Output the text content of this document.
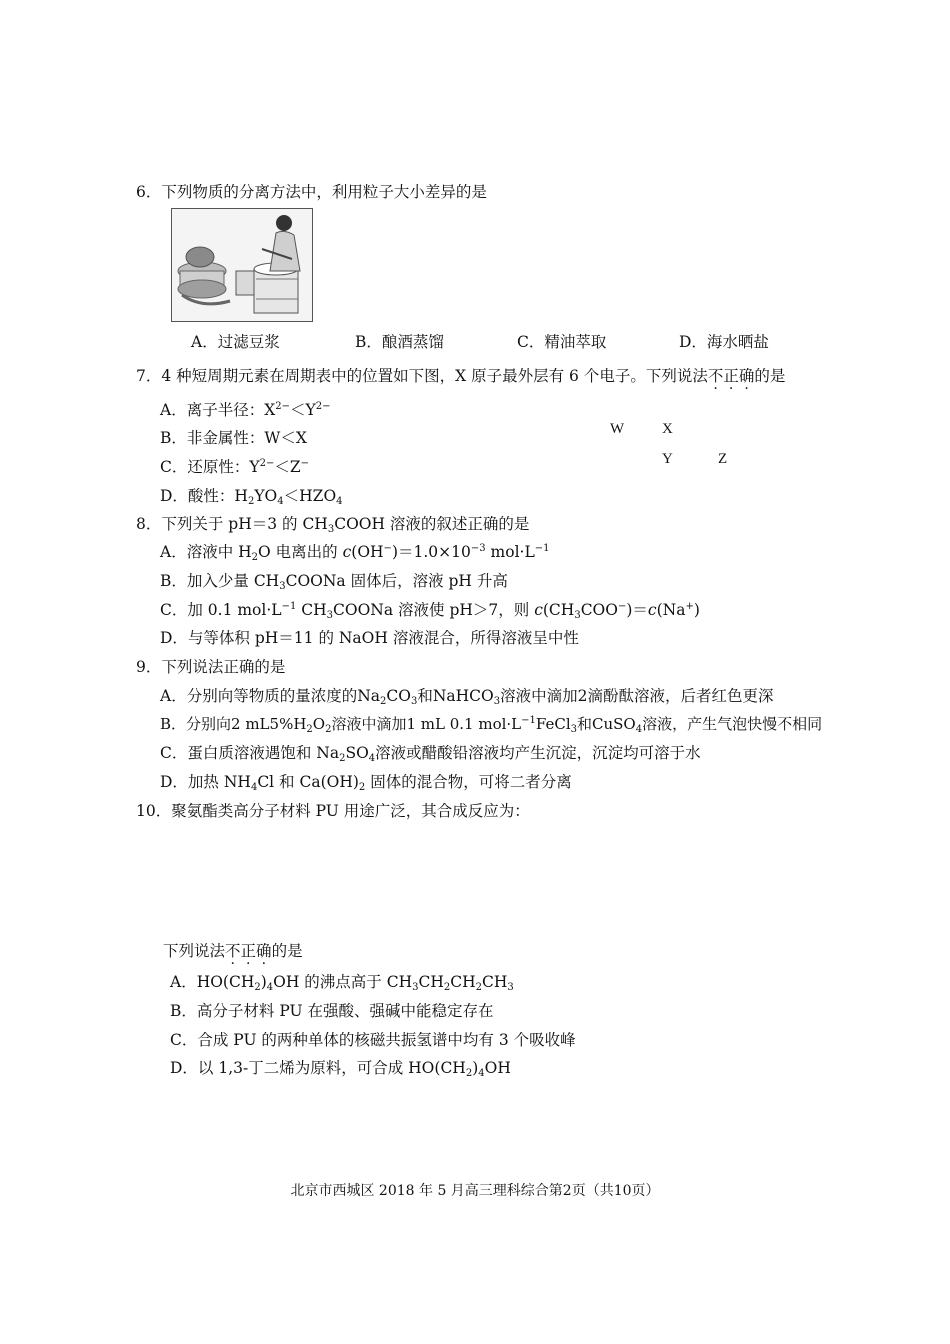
6．下列物质的分离方法中，利用粒子大小差异的是
A．过滤豆浆	B．酿酒蒸馏	C．精油萃取	D．海水晒盐
7．4 种短周期元素在周期表中的位置如下图，X 原子最外层有 6 个电子。下列说法不正确的是
A．离子半径：$X^{2-}<Y^{2-}$
B．非金属性：W＜X
C．还原性：$Y^{2-}<Z^-$
D．酸性：$H_2YO_4<HZO_4$
W	X
Y	Z
8．下列关于 pH＝3 的 $CH_3COOH$ 溶液的叙述正确的是
A．溶液中 $H_2O$ 电离出的 $c(OH^-)=1.0\times 10^{-3}$ $mol\cdot L^{-1}$
B．加入少量 $CH_3COONa$ 固体后，溶液 pH 升高
C．加 0.1 $mol\cdot L^{-1}$ $CH_3COONa$ 溶液使 pH＞7，则 $c(CH_3COO^-)=c(Na^+)$
D．与等体积 pH＝11 的 NaOH 溶液混合，所得溶液呈中性
9．下列说法正确的是
A．分别向等物质的量浓度的$Na_2CO_3$和NaHCO$_3$溶液中滴加2滴酚酞溶液，后者红色更深
B．分别向2 $mL5\%H_2O_2$溶液中滴加1 mL 0.1 $mol\cdot L^{-1}FeCl_3$和CuSO$_4$溶液，产生气泡快慢不相同
C．蛋白质溶液遇饱和 $Na_2SO_4$溶液或醋酸铅溶液均产生沉淀，沉淀均可溶于水
D．加热 $NH_4Cl$ 和 $Ca(OH)_2$ 固体的混合物，可将二者分离
10．聚氨酯类高分子材料 PU 用途广泛，其合成反应为：
下列说法不正确的是
A．$HO(CH_2)_4OH$ 的沸点高于 $CH_3CH_2CH_2CH_3$
B．高分子材料 PU 在强酸、强碱中能稳定存在
C．合成 PU 的两种单体的核磁共振氢谱中均有 3 个吸收峰
D．以 1,3-丁二烯为原料，可合成 $HO(CH_2)_4OH$
北京市西城区 2018 年 5 月高三理科综合第2页（共10页）
